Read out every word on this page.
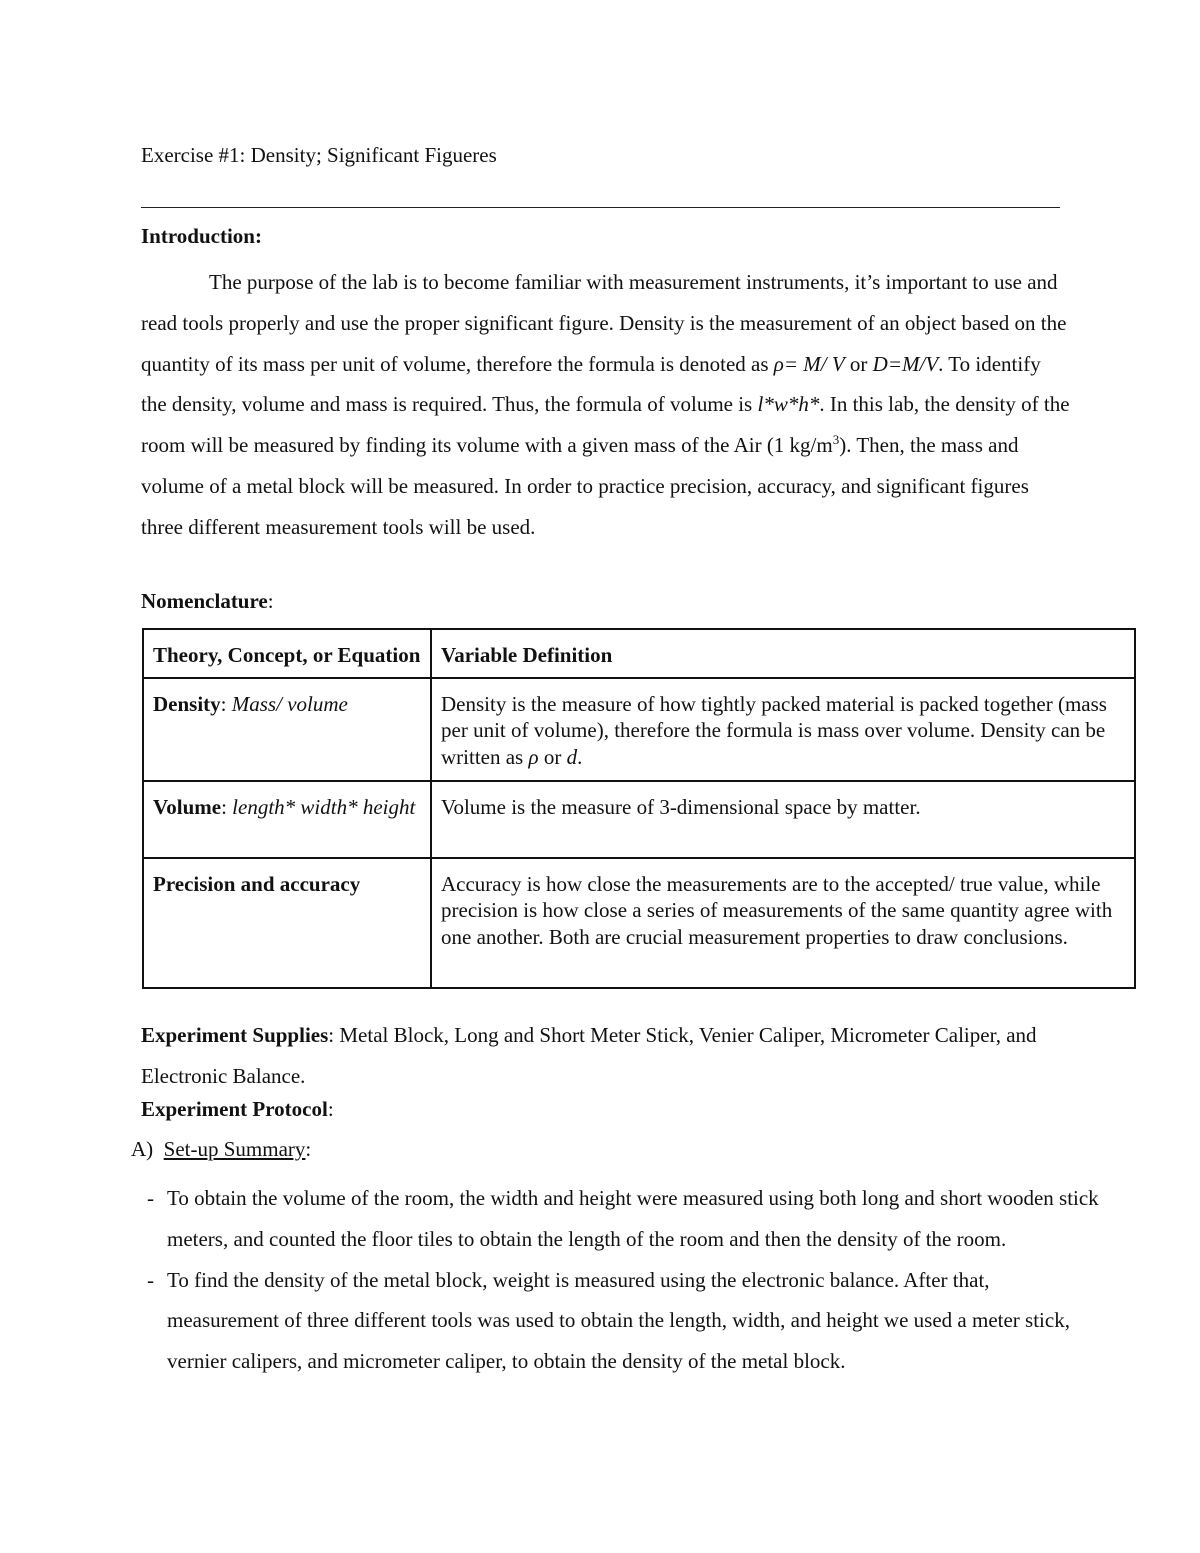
Exercise #1: Density; Significant Figueres
Introduction:
The purpose of the lab is to become familiar with measurement instruments, it’s important to use and read tools properly and use the proper significant figure. Density is the measurement of an object based on the quantity of its mass per unit of volume, therefore the formula is denoted as ρ= M/ V or D=M/V. To identify the density, volume and mass is required. Thus, the formula of volume is l*w*h*. In this lab, the density of the room will be measured by finding its volume with a given mass of the Air (1 $kg/m^3$). Then, the mass and volume of a metal block will be measured. In order to practice precision, accuracy, and significant figures three different measurement tools will be used.
Nomenclature:
Theory, Concept, or Equation	Variable Definition
Density: Mass/ volume	Density is the measure of how tightly packed material is packed together (mass per unit of volume), therefore the formula is mass over volume. Density can be written as ρ or d.
Volume: length* width* height	Volume is the measure of 3-dimensional space by matter.
Precision and accuracy	Accuracy is how close the measurements are to the accepted/ true value, while precision is how close a series of measurements of the same quantity agree with one another. Both are crucial measurement properties to draw conclusions.
Experiment Supplies: Metal Block, Long and Short Meter Stick, Venier Caliper, Micrometer Caliper, and Electronic Balance.
Experiment Protocol:
A) Set-up Summary:
- To obtain the volume of the room, the width and height were measured using both long and short wooden stick meters, and counted the floor tiles to obtain the length of the room and then the density of the room.
- To find the density of the metal block, weight is measured using the electronic balance. After that, measurement of three different tools was used to obtain the length, width, and height we used a meter stick, vernier calipers, and micrometer caliper, to obtain the density of the metal block.
